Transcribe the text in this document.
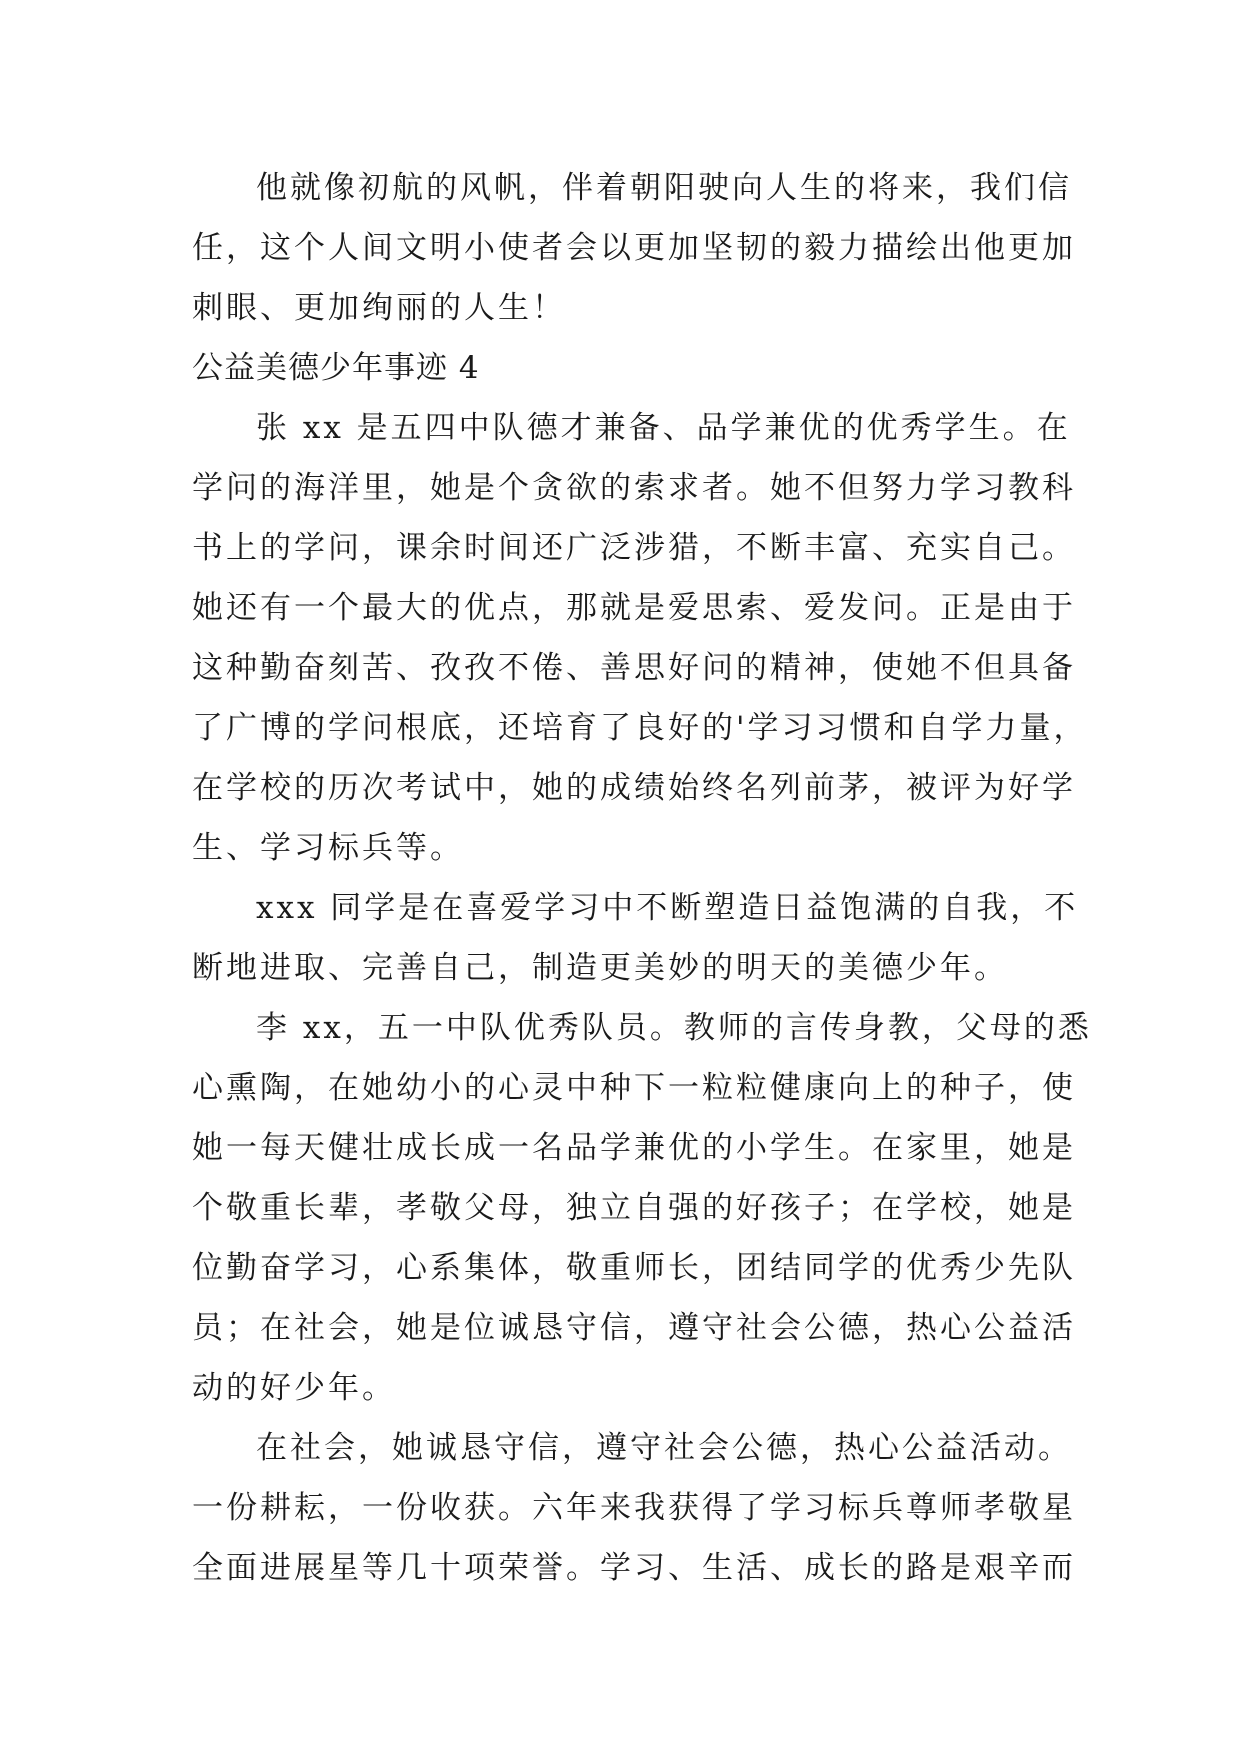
他就像初航的风帆，伴着朝阳驶向人生的将来，我们信
任，这个人间文明小使者会以更加坚韧的毅力描绘出他更加
刺眼、更加绚丽的人生！
公益美德少年事迹 4
张 xx 是五四中队德才兼备、品学兼优的优秀学生。在
学问的海洋里，她是个贪欲的索求者。她不但努力学习教科
书上的学问，课余时间还广泛涉猎，不断丰富、充实自己。
她还有一个最大的优点，那就是爱思索、爱发问。正是由于
这种勤奋刻苦、孜孜不倦、善思好问的精神，使她不但具备
了广博的学问根底，还培育了良好的'学习习惯和自学力量，
在学校的历次考试中，她的成绩始终名列前茅，被评为好学
生、学习标兵等。
xxx 同学是在喜爱学习中不断塑造日益饱满的自我，不
断地进取、完善自己，制造更美妙的明天的美德少年。
李 xx，五一中队优秀队员。教师的言传身教，父母的悉
心熏陶，在她幼小的心灵中种下一粒粒健康向上的种子，使
她一每天健壮成长成一名品学兼优的小学生。在家里，她是
个敬重长辈，孝敬父母，独立自强的好孩子；在学校，她是
位勤奋学习，心系集体，敬重师长，团结同学的优秀少先队
员；在社会，她是位诚恳守信，遵守社会公德，热心公益活
动的好少年。
在社会，她诚恳守信，遵守社会公德，热心公益活动。
一份耕耘，一份收获。六年来我获得了学习标兵尊师孝敬星
全面进展星等几十项荣誉。学习、生活、成长的路是艰辛而
